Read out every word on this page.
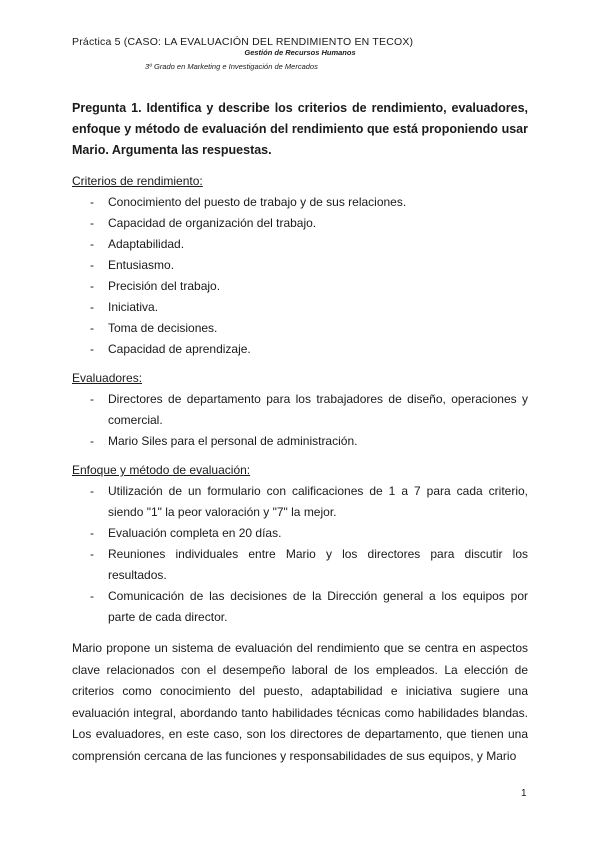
Práctica 5 (CASO: LA EVALUACIÓN DEL RENDIMIENTO EN TECOX)
Gestión de Recursos Humanos
3º Grado en Marketing e Investigación de Mercados

Pregunta 1. Identifica y describe los criterios de rendimiento, evaluadores, enfoque y método de evaluación del rendimiento que está proponiendo usar Mario. Argumenta las respuestas.

Criterios de rendimiento:

- Conocimiento del puesto de trabajo y de sus relaciones.
- Capacidad de organización del trabajo.
- Adaptabilidad.
- Entusiasmo.
- Precisión del trabajo.
- Iniciativa.
- Toma de decisiones.
- Capacidad de aprendizaje.

Evaluadores:

- Directores de departamento para los trabajadores de diseño, operaciones y comercial.
- Mario Siles para el personal de administración.

Enfoque y método de evaluación:

- Utilización de un formulario con calificaciones de 1 a 7 para cada criterio, siendo "1" la peor valoración y "7" la mejor.
- Evaluación completa en 20 días.
- Reuniones individuales entre Mario y los directores para discutir los resultados.
- Comunicación de las decisiones de la Dirección general a los equipos por parte de cada director.

Mario propone un sistema de evaluación del rendimiento que se centra en aspectos clave relacionados con el desempeño laboral de los empleados. La elección de criterios como conocimiento del puesto, adaptabilidad e iniciativa sugiere una evaluación integral, abordando tanto habilidades técnicas como habilidades blandas. Los evaluadores, en este caso, son los directores de departamento, que tienen una comprensión cercana de las funciones y responsabilidades de sus equipos, y Mario

1
